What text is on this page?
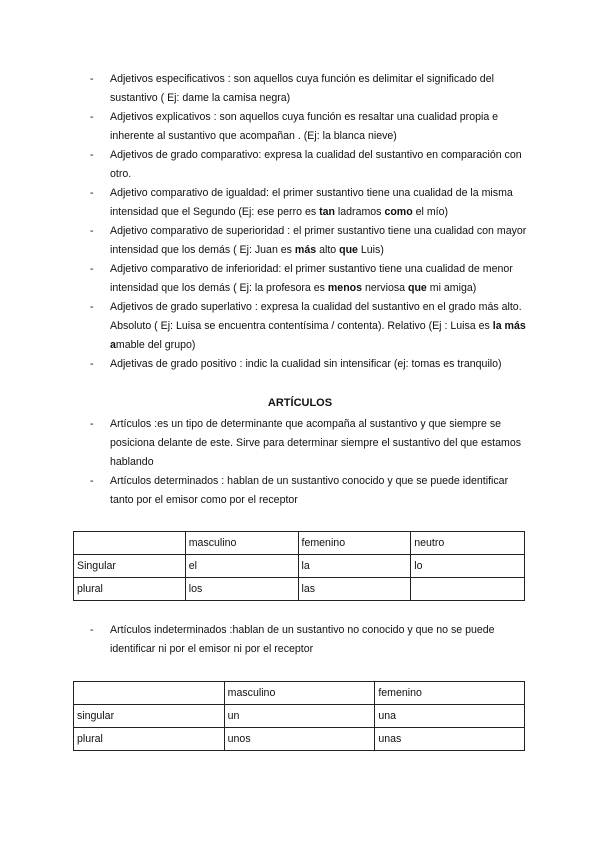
- Adjetivos especificativos : son aquellos cuya función es delimitar el significado del sustantivo ( Ej: dame la camisa negra)
- Adjetivos explicativos : son aquellos cuya función es resaltar una cualidad propia e inherente al sustantivo que acompañan . (Ej: la blanca nieve)
- Adjetivos de grado comparativo: expresa la cualidad del sustantivo en comparación con otro.
- Adjetivo comparativo de igualdad: el primer sustantivo tiene una cualidad de la misma intensidad que el Segundo (Ej: ese perro es tan ladramos como el mío)
- Adjetivo comparativo de superioridad : el primer sustantivo tiene una cualidad con mayor intensidad que los demás ( Ej: Juan es más alto que Luis)
- Adjetivo comparativo de inferioridad: el primer sustantivo tiene una cualidad de menor intensidad que los demás ( Ej: la profesora es menos nerviosa que mi amiga)
- Adjetivos de grado superlativo : expresa la cualidad del sustantivo en el grado más alto. Absoluto ( Ej: Luisa se encuentra contentísima / contenta). Relativo (Ej : Luisa es la más amable del grupo)
- Adjetivas de grado positivo : indic la cualidad sin intensificar (ej: tomas es tranquilo)
ARTÍCULOS
- Artículos :es un tipo de determinante que acompaña al sustantivo y que siempre se posiciona delante de este. Sirve para determinar siempre el sustantivo del que estamos hablando
- Artículos determinados : hablan de un sustantivo conocido y que se puede identificar tanto por el emisor como por el receptor
	masculino	femenino	neutro
Singular	el	la	lo
plural	los	las	
- Artículos indeterminados :hablan de un sustantivo no conocido y que no se puede identificar ni por el emisor ni por el receptor
	masculino	femenino
singular	un	una
plural	unos	unas
